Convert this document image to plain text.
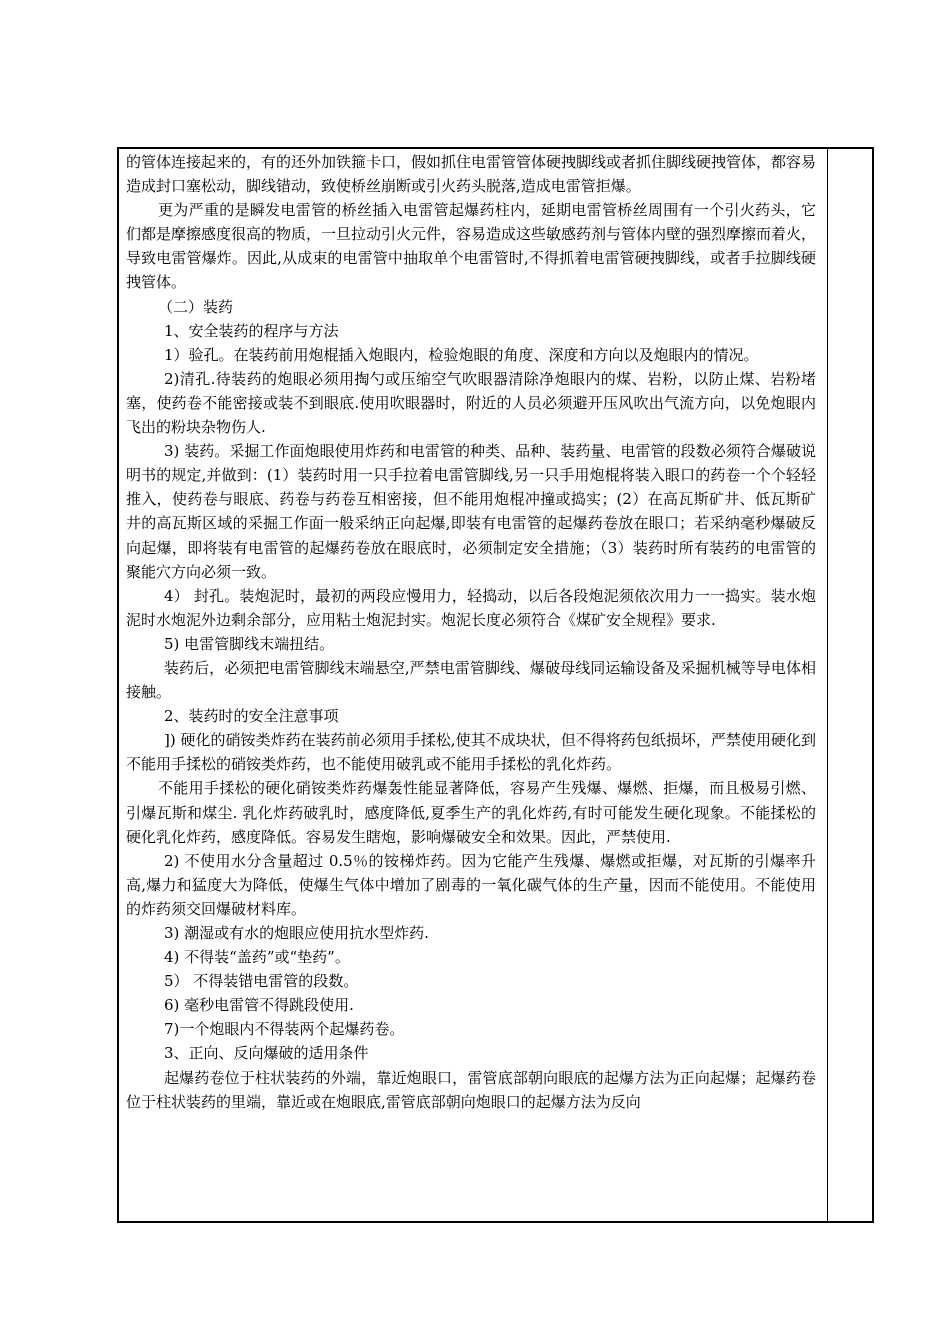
的管体连接起来的，有的还外加铁箍卡口，假如抓住电雷管管体硬拽脚线或者抓住脚线硬拽管体，都容易造成封口塞松动，脚线错动，致使桥丝崩断或引火药头脱落,造成电雷管拒爆。

更为严重的是瞬发电雷管的桥丝插入电雷管起爆药柱内，延期电雷管桥丝周围有一个引火药头，它们都是摩擦感度很高的物质，一旦拉动引火元件，容易造成这些敏感药剂与管体内壁的强烈摩擦而着火，导致电雷管爆炸。因此,从成束的电雷管中抽取单个电雷管时,不得抓着电雷管硬拽脚线，或者手拉脚线硬拽管体。

（二）装药

1、安全装药的程序与方法

1）验孔。在装药前用炮棍插入炮眼内，检验炮眼的角度、深度和方向以及炮眼内的情况。

2)清孔.待装药的炮眼必须用掏勺或压缩空气吹眼器清除净炮眼内的煤、岩粉，以防止煤、岩粉堵塞，使药卷不能密接或装不到眼底.使用吹眼器时，附近的人员必须避开压风吹出气流方向，以免炮眼内飞出的粉块杂物伤人.

3) 装药。采掘工作面炮眼使用炸药和电雷管的种类、品种、装药量、电雷管的段数必须符合爆破说明书的规定,并做到：(1）装药时用一只手拉着电雷管脚线,另一只手用炮棍将装入眼口的药卷一个个轻轻推入，使药卷与眼底、药卷与药卷互相密接，但不能用炮棍冲撞或捣实；(2）在高瓦斯矿井、低瓦斯矿井的高瓦斯区域的采掘工作面一般采纳正向起爆,即装有电雷管的起爆药卷放在眼口；若采纳毫秒爆破反向起爆，即将装有电雷管的起爆药卷放在眼底时，必须制定安全措施；（3）装药时所有装药的电雷管的聚能穴方向必须一致。

4） 封孔。装炮泥时，最初的两段应慢用力，轻捣动，以后各段炮泥须依次用力一一捣实。装水炮泥时水炮泥外边剩余部分，应用粘土炮泥封实。炮泥长度必须符合《煤矿安全规程》要求.

5) 电雷管脚线末端扭结。

装药后，必须把电雷管脚线末端悬空,严禁电雷管脚线、爆破母线同运输设备及采掘机械等导电体相接触。

2、装药时的安全注意事项

]) 硬化的硝铵类炸药在装药前必须用手揉松,使其不成块状，但不得将药包纸损坏，严禁使用硬化到不能用手揉松的硝铵类炸药，也不能使用破乳或不能用手揉松的乳化炸药。

不能用手揉松的硬化硝铵类炸药爆轰性能显著降低，容易产生残爆、爆燃、拒爆，而且极易引燃、引爆瓦斯和煤尘. 乳化炸药破乳时，感度降低,夏季生产的乳化炸药,有时可能发生硬化现象。不能揉松的硬化乳化炸药，感度降低。容易发生瞎炮，影响爆破安全和效果。因此，严禁使用.

2) 不使用水分含量超过 0.5％的铵梯炸药。因为它能产生残爆、爆燃或拒爆，对瓦斯的引爆率升高,爆力和猛度大为降低，使爆生气体中增加了剧毒的一氧化碳气体的生产量，因而不能使用。不能使用的炸药须交回爆破材料库。

3) 潮湿或有水的炮眼应使用抗水型炸药.

4) 不得装“盖药”或“垫药”。

5） 不得装错电雷管的段数。

6) 毫秒电雷管不得跳段使用.

7)一个炮眼内不得装两个起爆药卷。

3、正向、反向爆破的适用条件

起爆药卷位于柱状装药的外端，靠近炮眼口，雷管底部朝向眼底的起爆方法为正向起爆；起爆药卷位于柱状装药的里端，靠近或在炮眼底,雷管底部朝向炮眼口的起爆方法为反向
